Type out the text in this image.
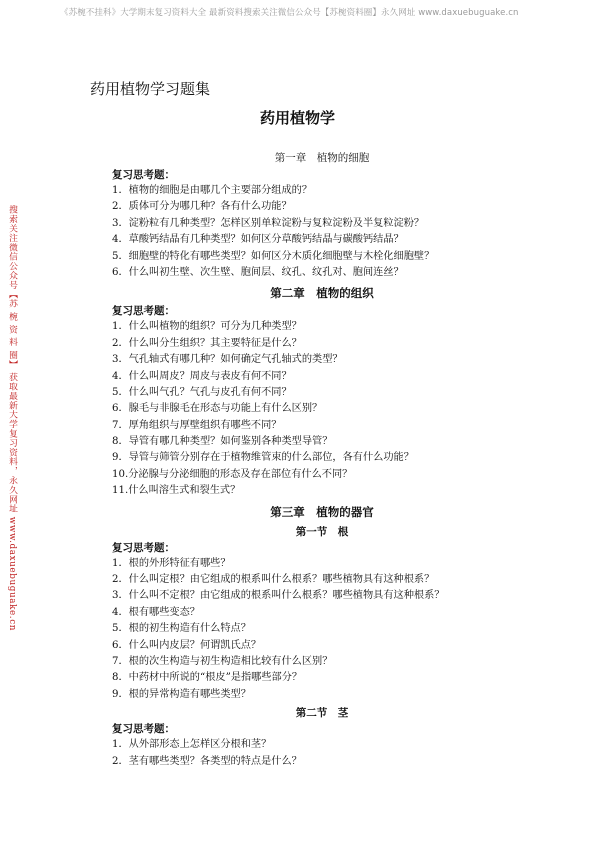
《苏椀不挂科》大学期末复习资料大全 最新资料搜索关注微信公众号【苏椀资料圈】永久网址 www.daxuebuguake.cn
搜索关注微信公众号【苏 椀 资 料 圈】 获取最新大学复习资料，永久网址 www.daxuebuguake.cn
药用植物学习题集
药用植物学
第一章　植物的细胞
复习思考题：
1．植物的细胞是由哪几个主要部分组成的？
2．质体可分为哪几种？各有什么功能？
3．淀粉粒有几种类型？怎样区别单粒淀粉与复粒淀粉及半复粒淀粉？
4．草酸钙结晶有几种类型？如何区分草酸钙结晶与碳酸钙结晶？
5．细胞壁的特化有哪些类型？如何区分木质化细胞壁与木栓化细胞壁？
6．什么叫初生壁、次生壁、胞间层、纹孔、纹孔对、胞间连丝？
第二章　植物的组织
复习思考题：
1．什么叫植物的组织？可分为几种类型？
2．什么叫分生组织？其主要特征是什么？
3．气孔轴式有哪几种？如何确定气孔轴式的类型？
4．什么叫周皮？周皮与表皮有何不同？
5．什么叫气孔？气孔与皮孔有何不同？
6．腺毛与非腺毛在形态与功能上有什么区别？
7．厚角组织与厚壁组织有哪些不同？
8．导管有哪几种类型？如何鉴别各种类型导管？
9．导管与筛管分别存在于植物维管束的什么部位，各有什么功能？
10.分泌腺与分泌细胞的形态及存在部位有什么不同？
11.什么叫溶生式和裂生式？
第三章　植物的器官
第一节　根
复习思考题：
1．根的外形特征有哪些？
2．什么叫定根？由它组成的根系叫什么根系？哪些植物具有这种根系？
3．什么叫不定根？由它组成的根系叫什么根系？哪些植物具有这种根系？
4．根有哪些变态？
5．根的初生构造有什么特点？
6．什么叫内皮层？何谓凯氏点？
7．根的次生构造与初生构造相比较有什么区别？
8．中药材中所说的“根皮”是指哪些部分？
9．根的异常构造有哪些类型？
第二节　茎
复习思考题：
1．从外部形态上怎样区分根和茎？
2．茎有哪些类型？各类型的特点是什么？
